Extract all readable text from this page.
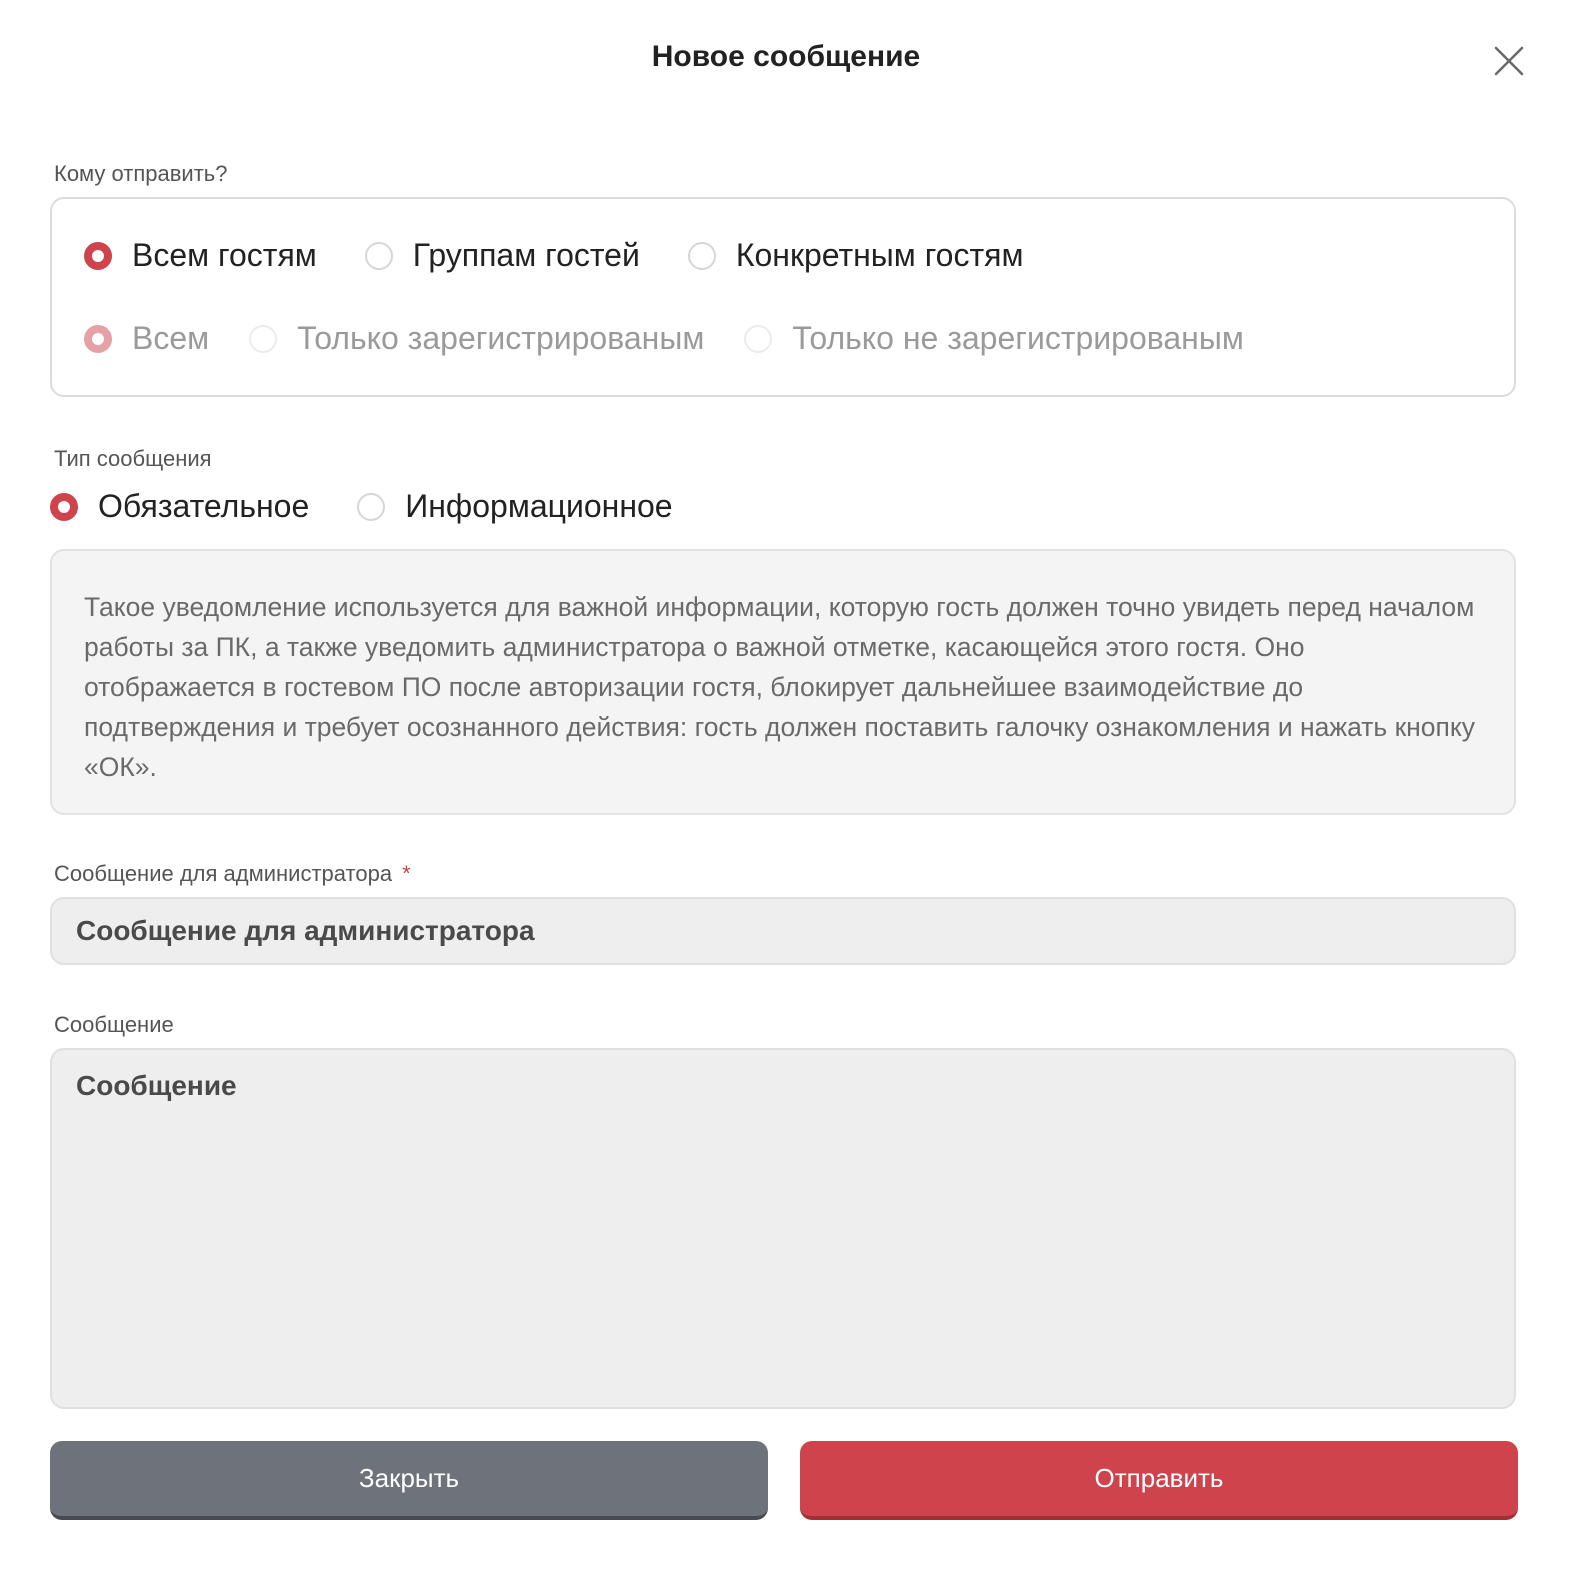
Новое сообщение
Кому отправить?
Всем гостям	Группам гостей	Конкретным гостям
Всем	Только зарегистрированым	Только не зарегистрированым
Тип сообщения
Обязательное	Информационное
Такое уведомление используется для важной информации, которую гость должен точно увидеть перед началом работы за ПК, а также уведомить администратора о важной отметке, касающейся этого гостя. Оно отображается в гостевом ПО после авторизации гостя, блокирует дальнейшее взаимодействие до подтверждения и требует осознанного действия: гость должен поставить галочку ознакомления и нажать кнопку «ОК».
Сообщение для администратора *
Сообщение для администратора
Сообщение
Сообщение
Закрыть	Отправить
